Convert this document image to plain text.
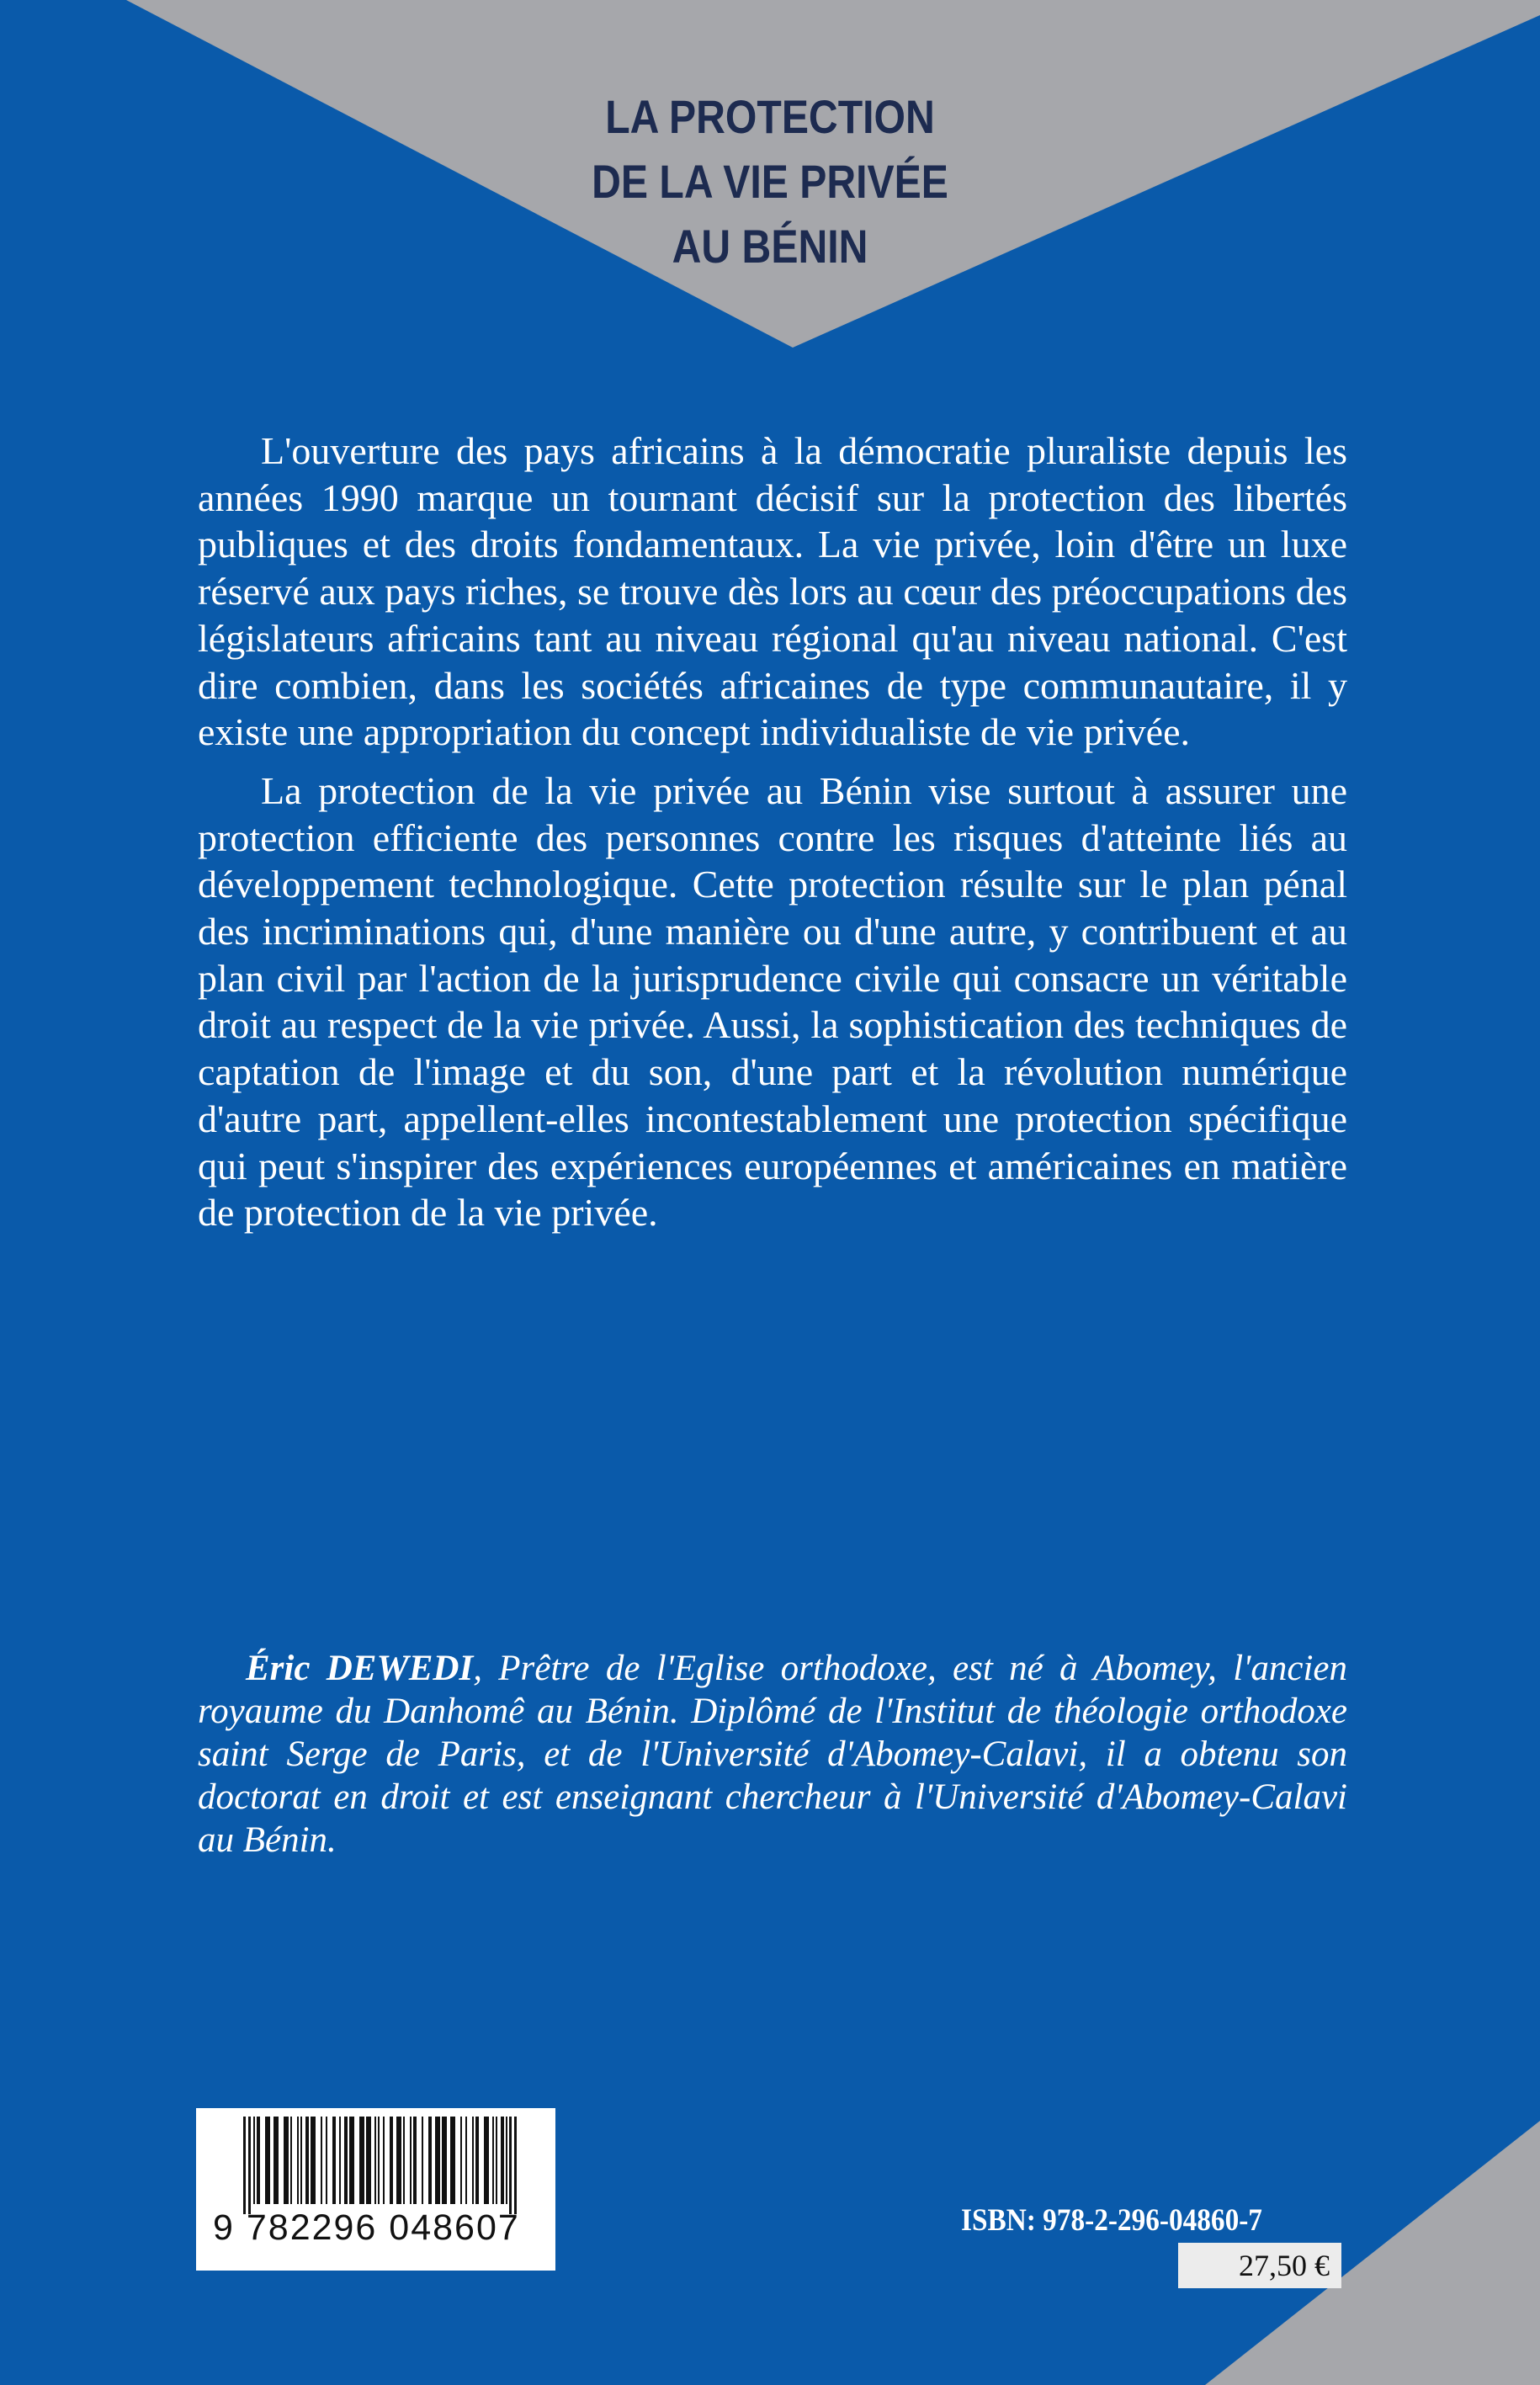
LA PROTECTION
DE LA VIE PRIVÉE
AU BÉNIN

L'ouverture des pays africains à la démocratie pluraliste depuis les années 1990 marque un tournant décisif sur la protection des libertés publiques et des droits fondamentaux. La vie privée, loin d'être un luxe réservé aux pays riches, se trouve dès lors au cœur des préoccupations des législateurs africains tant au niveau régional qu'au niveau national. C'est dire combien, dans les sociétés africaines de type communautaire, il y existe une appropriation du concept individualiste de vie privée.

La protection de la vie privée au Bénin vise surtout à assurer une protection efficiente des personnes contre les risques d'atteinte liés au développement technologique. Cette protection résulte sur le plan pénal des incriminations qui, d'une manière ou d'une autre, y contribuent et au plan civil par l'action de la jurisprudence civile qui consacre un véritable droit au respect de la vie privée. Aussi, la sophistication des techniques de captation de l'image et du son, d'une part et la révolution numérique d'autre part, appellent-elles incontestablement une protection spécifique qui peut s'inspirer des expériences européennes et américaines en matière de protection de la vie privée.

Éric DEWEDI, Prêtre de l'Eglise orthodoxe, est né à Abomey, l'ancien royaume du Danhomê au Bénin. Diplômé de l'Institut de théologie orthodoxe saint Serge de Paris, et de l'Université d'Abomey-Calavi, il a obtenu son doctorat en droit et est enseignant chercheur à l'Université d'Abomey-Calavi au Bénin.
9 782296 048607	ISBN: 978-2-296-04860-7
27,50 €
